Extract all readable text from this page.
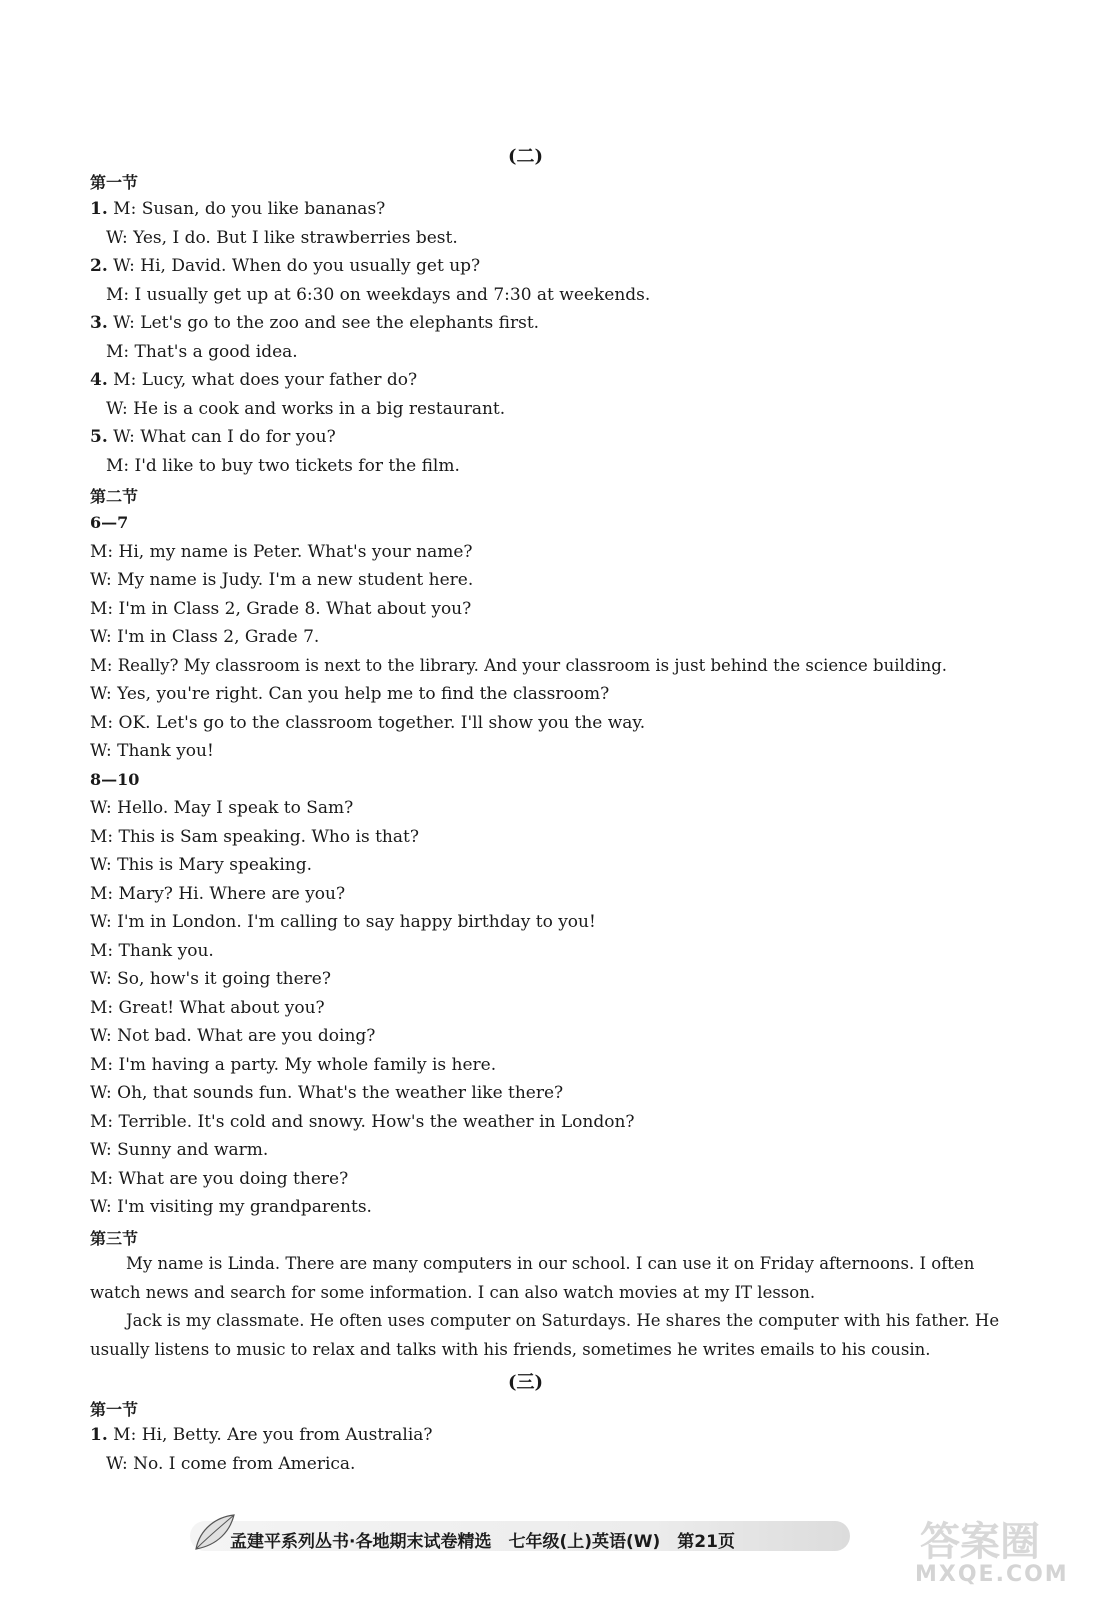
(二)
第一节
1. M: Susan, do you like bananas?
W: Yes, I do. But I like strawberries best.
2. W: Hi, David. When do you usually get up?
M: I usually get up at 6:30 on weekdays and 7:30 at weekends.
3. W: Let's go to the zoo and see the elephants first.
M: That's a good idea.
4. M: Lucy, what does your father do?
W: He is a cook and works in a big restaurant.
5. W: What can I do for you?
M: I'd like to buy two tickets for the film.
第二节
6—7
M: Hi, my name is Peter. What's your name?
W: My name is Judy. I'm a new student here.
M: I'm in Class 2, Grade 8. What about you?
W: I'm in Class 2, Grade 7.
M: Really? My classroom is next to the library. And your classroom is just behind the science building.
W: Yes, you're right. Can you help me to find the classroom?
M: OK. Let's go to the classroom together. I'll show you the way.
W: Thank you!
8—10
W: Hello. May I speak to Sam?
M: This is Sam speaking. Who is that?
W: This is Mary speaking.
M: Mary? Hi. Where are you?
W: I'm in London. I'm calling to say happy birthday to you!
M: Thank you.
W: So, how's it going there?
M: Great! What about you?
W: Not bad. What are you doing?
M: I'm having a party. My whole family is here.
W: Oh, that sounds fun. What's the weather like there?
M: Terrible. It's cold and snowy. How's the weather in London?
W: Sunny and warm.
M: What are you doing there?
W: I'm visiting my grandparents.
第三节
My name is Linda. There are many computers in our school. I can use it on Friday afternoons. I often
watch news and search for some information. I can also watch movies at my IT lesson.
Jack is my classmate. He often uses computer on Saturdays. He shares the computer with his father. He
usually listens to music to relax and talks with his friends, sometimes he writes emails to his cousin.
(三)
第一节
1. M: Hi, Betty. Are you from Australia?
W: No. I come from America.
孟建平系列丛书·各地期末试卷精选　七年级(上)英语(W)　第21页	答案圈
MXQE.COM
